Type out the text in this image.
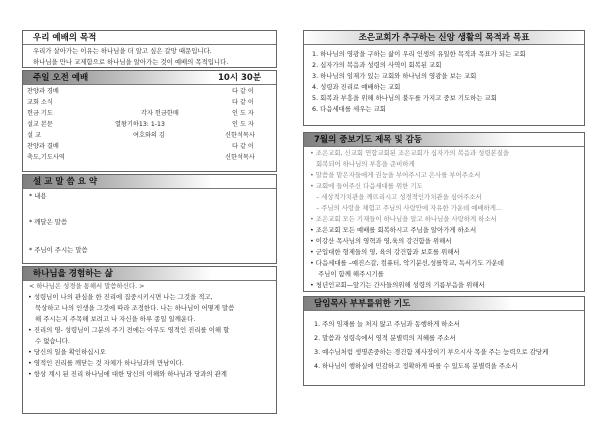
우리 예배의 목적
우리가 살아가는 이유는 하나님을 더 알고 싶은 갈망 때문입니다.
하나님을 만나 교제함으로 하나님을 알아가는 것이 예배의 목적입니다.
주일 오전 예배	10시 30분
찬양과 경배	다 같 이
교회 소식	다 같 이
헌금 기도	각자 헌금한매	인 도 자
설교 본문	열왕기하13: 1-13	인 도 자
설 교	여호와의 김	신한석목사
찬양과 결배	다 같 이
축도,기도사역	신한석목사
설 교 말 씀 요 약
* 내용
* 깨달은 말씀
* 주님이 주시는 말씀
하나님을 경험하는 삶
< 하나님은 성경을 통해서 말씀하신다. >
• 성령님이 나의 관심을 한 진리에 집중시키시면 나는 그것을 적고,
묵상하고 나의 인생을 그것에 따라 조정한다. 나는 하나님이 어떻게 말씀
해 주시는지 주목해 보려고 나 자신을 하루 종일 일깨운다.
• 진리의 영- 성령님이 그분의 주기 전에는 아무도 영적인 진리를 이해 할
수 없습니다.
• 당신의 일을 확인하십시오
• 영적인 진리를 깨닫는 것 자체가 하나님과의 만남이다.
• 항상 계시 된 진리 하나님에 대한 당신의 이해와 하나님과 당과의 관계
조은교회가 추구하는 신앙 생활의 목적과 목표
1. 하나님의 영광을 구하는 삶이 우리 인생의 유일한 목적과 목표가 되는 교회
2. 십자가의 복음과 성령의 사역이 회복된 교회
3. 하나님의 임재가 있는 교회와 하나님의 영광을 보는 교회
4. 성령과 진리로 예배하는 교회
5. 회복과 부흥을 위해 하나님의 불두를 가지고 중보 기도하는 교회
6. 다음세대를 세우는 교회
7월의 중보기도 제목 및 감동
• 조은교회, 신교회 연합교회된 조은교회가 십자가의 복음과 성령본질을
회복되어 하나님의 부흥을 준비하게
• 말씀을 맡은자들에게 권능을 부어주시고 은사를 부어주소서
• 교회에 들어주신 다음세대를 위한 기도
– 세상적가치관을 깨뜨리시고 성경적인가치관을 심어주소서
– 주님의 사랑을 체험고 주님의 사랑안에 자유한 가운데 예배하게...
• 조은교회 모든 기재들이 하나님을 알고 하나님을 사랑하게 하소서
• 조은교회 모든 예배를 회복하시고 주님을 알아가게 하소서
• 이강산 목사님의 영혁과 영,육의 강건함을 위해서
• 군입대한 형제들의 영, 육의 강건함과 보호를 위해서
• 다음세대를 –예진스갈, 컴퓨터, 악기분선,성를학교, 독서기도 가운데
주님이 함께 해주시기를
• 청년인교회—앞기는 간사들의위해 성령의 기름부음을 위해서
담임목사 부부를위한 기도
1. 주의 임재를 늘 처지 않고 주님과 동행하게 하소서
2. 말씀과 성령속에서 영적 분별력의 지혜를 주소서
3. 예수님처럼 생명존중하는 경건함 제사장이기 부으시사 목을 주는 능력으로 감당케
4. 하나님이 행하실에 민감하고 정확하게 따를 수 있도록 분별력을 주소서
